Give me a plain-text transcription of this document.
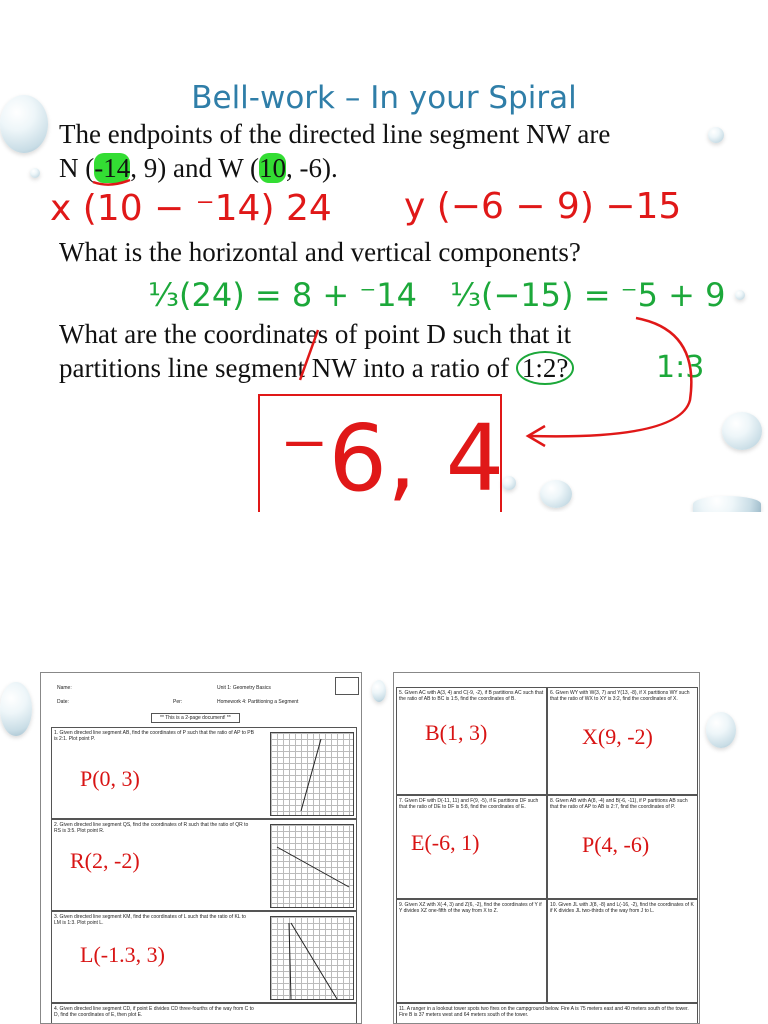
Bell-work – In your Spiral
The endpoints of the directed line segment NW are
N (-14, 9) and W (10, -6).
x (10 − ⁻14) 24 y (−6 − 9) −15
What is the horizontal and vertical components?
⅓(24) = 8 + ⁻14 ⅓(−15) = ⁻5 + 9
What are the coordinates of point D such that it
partitions line segment NW into a ratio of 1:2?	1:3
⁻6, 4
Name:
Date:	Per:
Unit 1: Geometry Basics
Homework 4: Partitioning a Segment
** This is a 2-page document! **
1. Given directed line segment AB, find the coordinates of P such that the ratio of AP to PB is 2:1. Plot point P.
P(0, 3)
2. Given directed line segment QS, find the coordinates of R such that the ratio of QR to RS is 3:5. Plot point R.
R(2, -2)
3. Given directed line segment KM, find the coordinates of L such that the ratio of KL to LM is 1:3. Plot point L.
L(-1.3, 3)
4. Given directed line segment CD, if point E divides CD three-fourths of the way from C to D, find the coordinates of E, then plot E.
5. Given AC with A(3, 4) and C(-9, -2), if B partitions AC such that the ratio of AB to BC is 1:5, find the coordinates of B.
B(1, 3)
6. Given WY with W(3, 7) and Y(13, -8), if X partitions WY such that the ratio of WX to XY is 3:2, find the coordinates of X.
X(9, -2)
7. Given DF with D(-11, 11) and F(9, -5), if E partitions DF such that the ratio of DE to DF is 5:8, find the coordinates of E.
E(-6, 1)
8. Given AB with A(8, -4) and B(-6, -11), if P partitions AB such that the ratio of AP to AB is 2:7, find the coordinates of P.
P(4, -6)
9. Given XZ with X(-4, 3) and Z(6, -2), find the coordinates of Y if Y divides XZ one-fifth of the way from X to Z.
10. Given JL with J(8, -8) and L(-16, -2), find the coordinates of K if K divides JL two-thirds of the way from J to L.
11. A ranger in a lookout tower spots two fires on the campground below. Fire A is 75 meters east and 40 meters south of the tower. Fire B is 37 meters west and 64 meters south of the tower.
